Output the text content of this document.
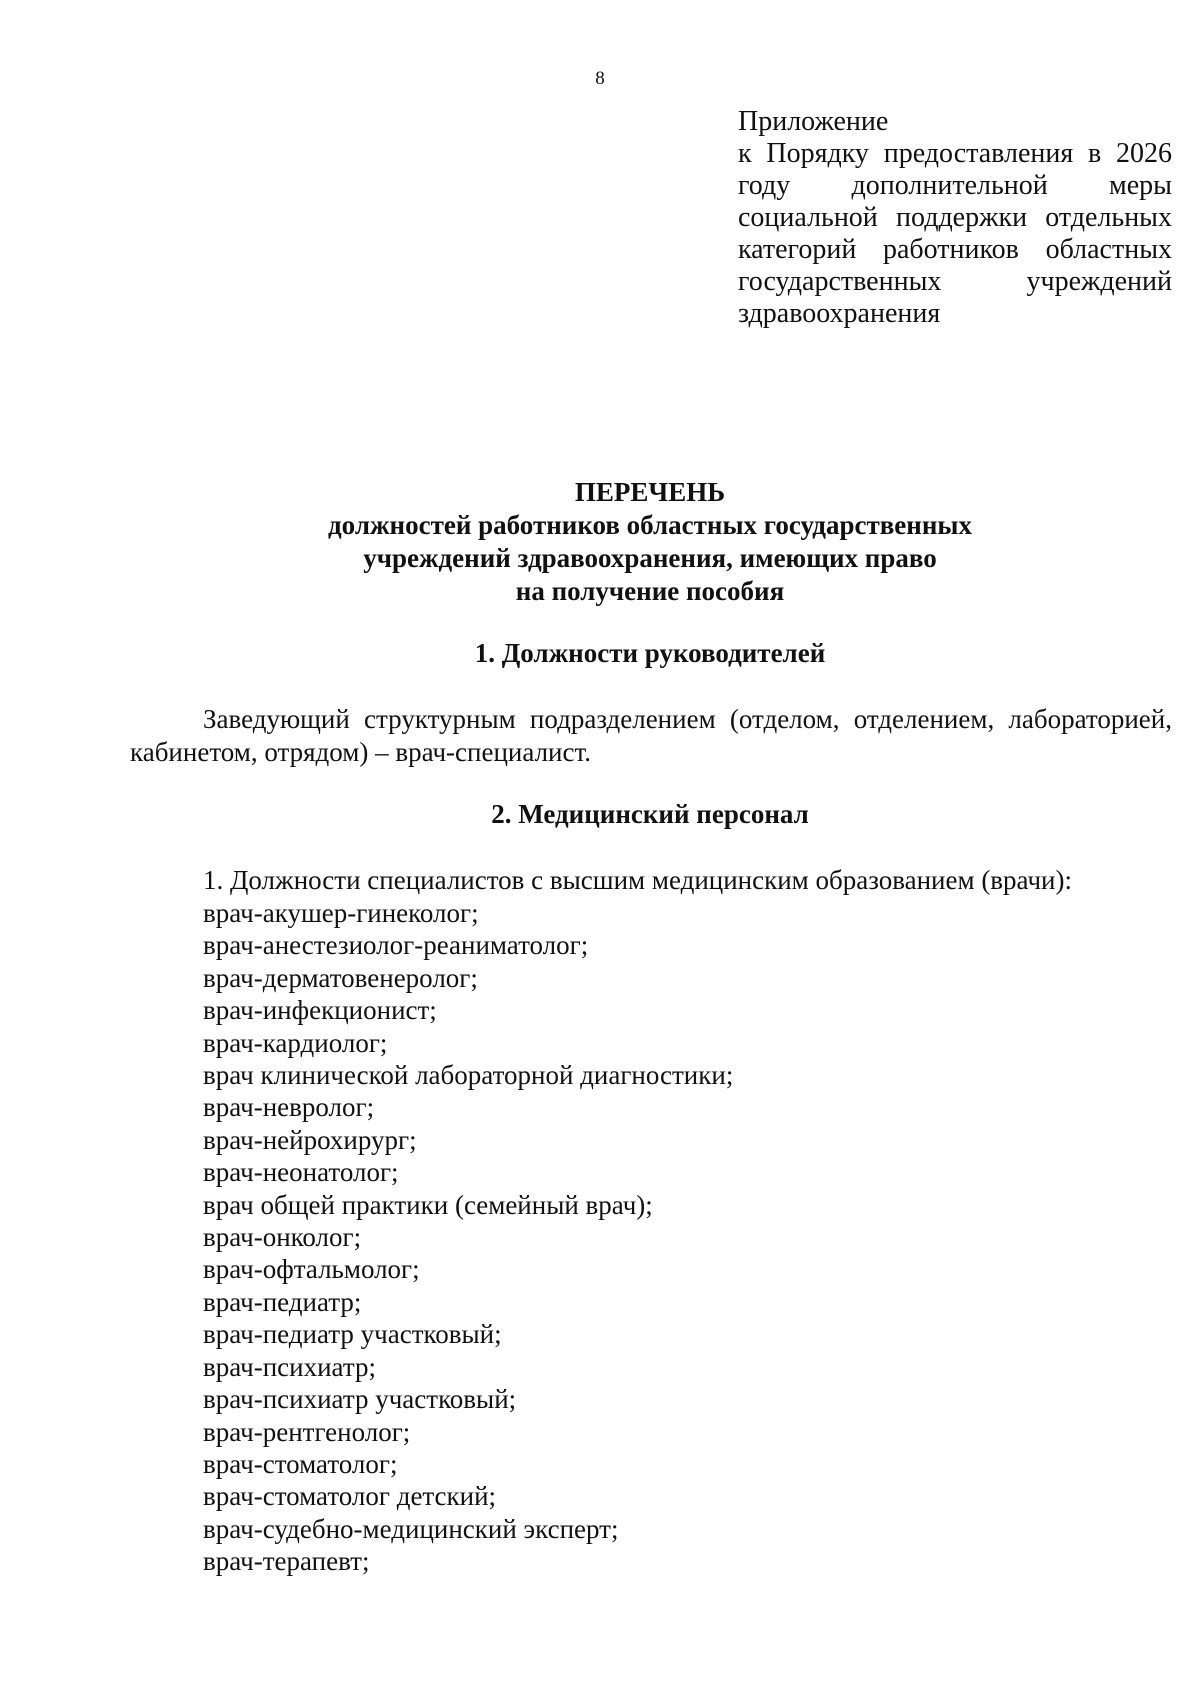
8
Приложение
к Порядку предоставления в 2026 году дополнительной меры социальной поддержки отдельных категорий работников областных государственных учреждений здравоохранения
ПЕРЕЧЕНЬ
должностей работников областных государственных
учреждений здравоохранения, имеющих право
на получение пособия
1. Должности руководителей
Заведующий структурным подразделением (отделом, отделением, лабораторией, кабинетом, отрядом) – врач-специалист.
2. Медицинский персонал
1. Должности специалистов с высшим медицинским образованием (врачи):
врач-акушер-гинеколог;
врач-анестезиолог-реаниматолог;
врач-дерматовенеролог;
врач-инфекционист;
врач-кардиолог;
врач клинической лабораторной диагностики;
врач-невролог;
врач-нейрохирург;
врач-неонатолог;
врач общей практики (семейный врач);
врач-онколог;
врач-офтальмолог;
врач-педиатр;
врач-педиатр участковый;
врач-психиатр;
врач-психиатр участковый;
врач-рентгенолог;
врач-стоматолог;
врач-стоматолог детский;
врач-судебно-медицинский эксперт;
врач-терапевт;
